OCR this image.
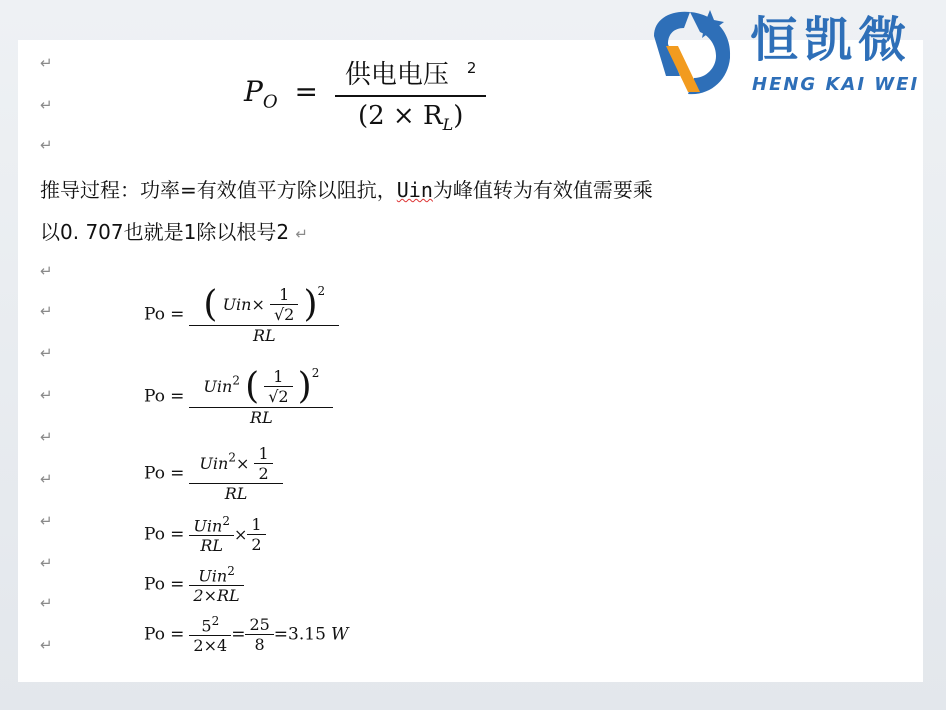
↵
↵
↵
↵
↵
↵
↵
↵
↵
↵
↵
↵
↵
$P_O = \frac{供电电压 ^2}{(2 \times R_L)}$
推导过程：功率=有效值平方除以阻抗，Uin为峰值转为有效值需要乘
以0. 707也就是1除以根号2 ↵
Po = ( $Uin\times \frac{1}{√2} )^2$
RL
Po =	Uin$^2$ ( $\frac{1}{√2} )^2$
RL
$Po = \frac{Uin^2\times \frac{1}{2}}{RL}$
$Po = \frac{Uin^2}{RL} \times \frac{1}{2}$
$Po = \frac{Uin^2}{2\times RL}$
$Po = \frac{5^2}{2\times 4} = \frac{25}{8} =3.15$ W
恒凯微
HENG KAI WEI
